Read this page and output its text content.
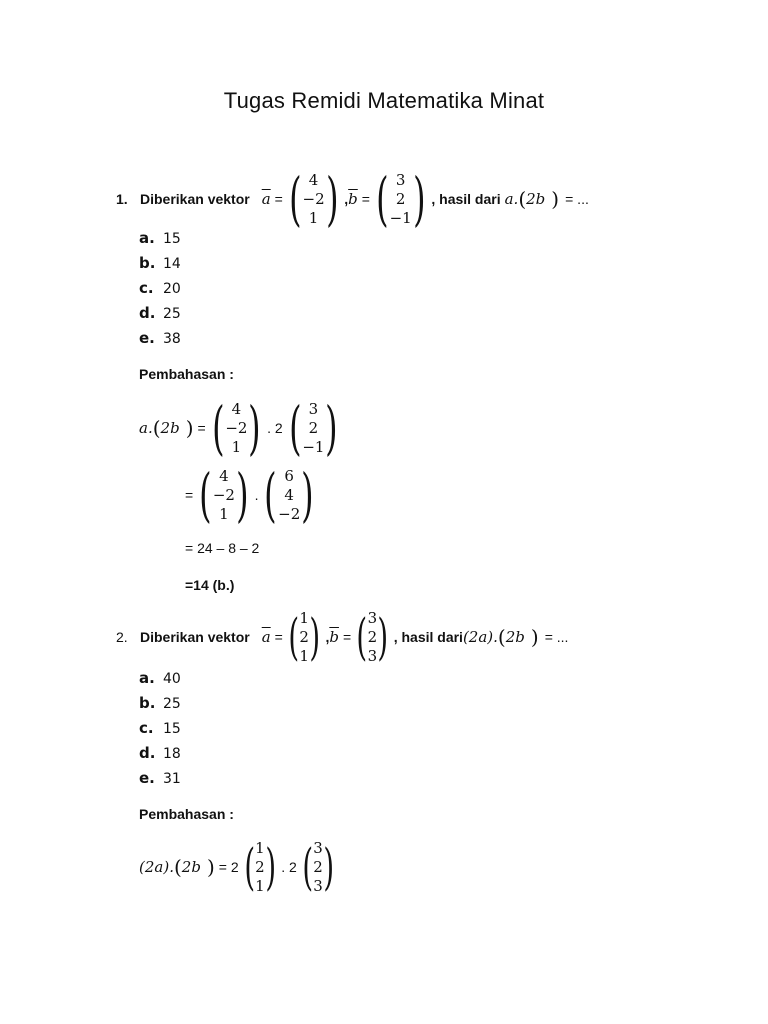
Tugas Remidi Matematika Minat
1. Diberikan vektor $\overline{a}$ = ( 4
−2
1 ) , $\overline{b}$ = ( 3
2
−1 ) , hasil dari a. ( 2b ) = ...
a. 15
b. 14
c. 20
d. 25
e. 38
Pembahasan :
a. ( 2b ) = ( 4
−2
1 ) . 2 ( 3
2
−1 )
= ( 4
−2
1 ) . ( 6
4
−2 )
= 24 – 8 – 2
=14 (b.)
2. Diberikan vektor $\overline{a}$ = ( 1
2
1 ) , $\overline{b}$ = ( 3
2
3 ) , hasil dari (2a). ( 2b ) = ...
a. 40
b. 25
c. 15
d. 18
e. 31
Pembahasan :
(2a). ( 2b ) = 2 ( 1
2
1 ) . 2 ( 3
2
3 )
